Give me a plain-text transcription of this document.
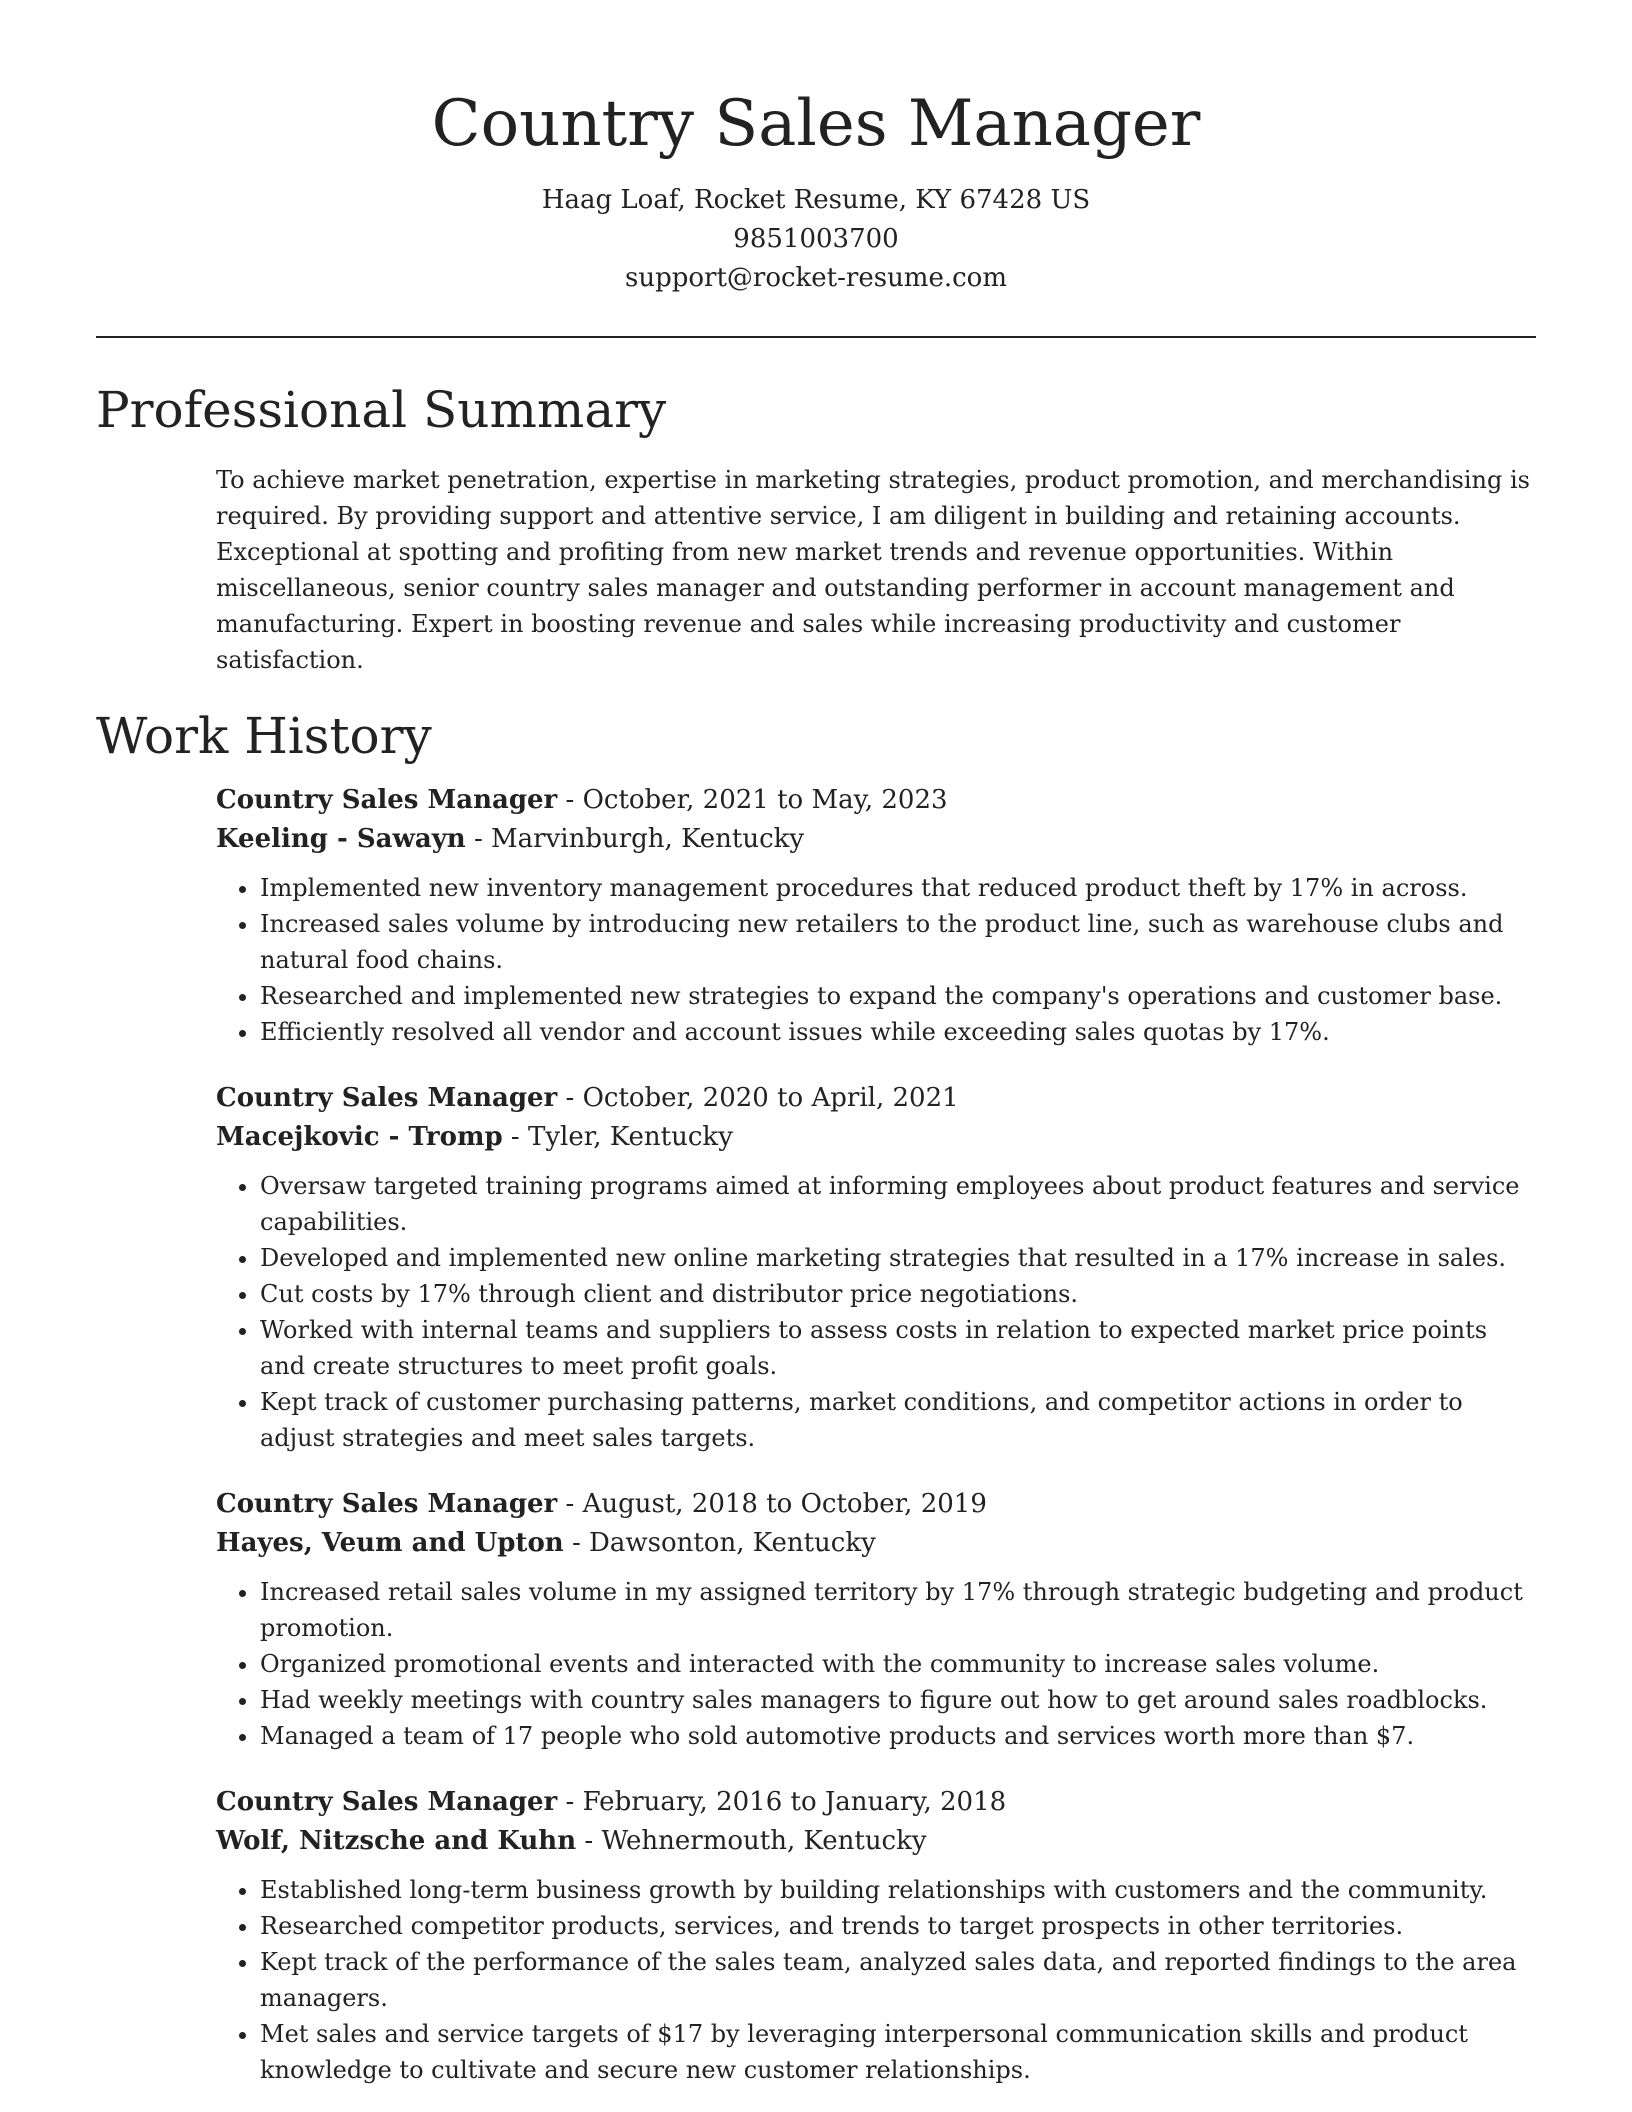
Country Sales Manager

Haag Loaf, Rocket Resume, KY 67428 US

9851003700

support@rocket-resume.com

Professional Summary

To achieve market penetration, expertise in marketing strategies, product promotion, and merchandising is required. By providing support and attentive service, I am diligent in building and retaining accounts. Exceptional at spotting and profiting from new market trends and revenue opportunities. Within miscellaneous, senior country sales manager and outstanding performer in account management and manufacturing. Expert in boosting revenue and sales while increasing productivity and customer satisfaction.

Work History

Country Sales Manager - October, 2021 to May, 2023

Keeling - Sawayn - Marvinburgh, Kentucky

• Implemented new inventory management procedures that reduced product theft by 17% in across.
• Increased sales volume by introducing new retailers to the product line, such as warehouse clubs and natural food chains.
• Researched and implemented new strategies to expand the company's operations and customer base.
• Efficiently resolved all vendor and account issues while exceeding sales quotas by 17%.

Country Sales Manager - October, 2020 to April, 2021

Macejkovic - Tromp - Tyler, Kentucky

• Oversaw targeted training programs aimed at informing employees about product features and service capabilities.
• Developed and implemented new online marketing strategies that resulted in a 17% increase in sales.
• Cut costs by 17% through client and distributor price negotiations.
• Worked with internal teams and suppliers to assess costs in relation to expected market price points and create structures to meet profit goals.
• Kept track of customer purchasing patterns, market conditions, and competitor actions in order to adjust strategies and meet sales targets.

Country Sales Manager - August, 2018 to October, 2019

Hayes, Veum and Upton - Dawsonton, Kentucky

• Increased retail sales volume in my assigned territory by 17% through strategic budgeting and product promotion.
• Organized promotional events and interacted with the community to increase sales volume.
• Had weekly meetings with country sales managers to figure out how to get around sales roadblocks.
• Managed a team of 17 people who sold automotive products and services worth more than $7.

Country Sales Manager - February, 2016 to January, 2018

Wolf, Nitzsche and Kuhn - Wehnermouth, Kentucky

• Established long-term business growth by building relationships with customers and the community.
• Researched competitor products, services, and trends to target prospects in other territories.
• Kept track of the performance of the sales team, analyzed sales data, and reported findings to the area managers.
• Met sales and service targets of $17 by leveraging interpersonal communication skills and product knowledge to cultivate and secure new customer relationships.
